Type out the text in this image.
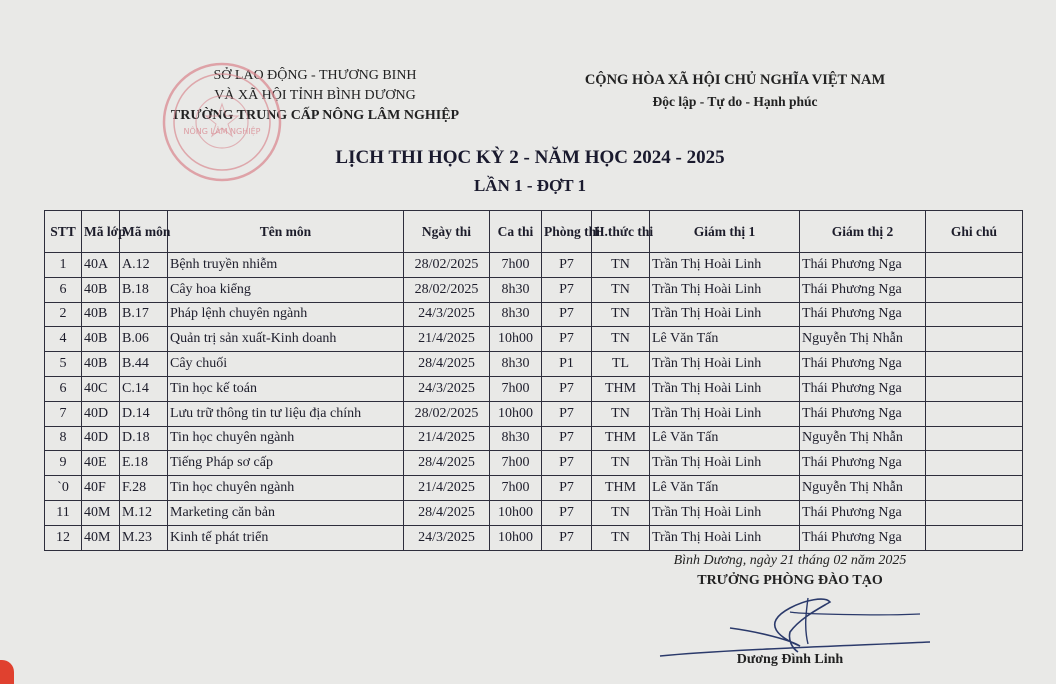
SỞ LAO ĐỘNG - THƯƠNG BINH
VÀ XÃ HỘI TỈNH BÌNH DƯƠNG
TRƯỜNG TRUNG CẤP NÔNG LÂM NGHIỆP
NÔNG LÂM NGHIỆP
CỘNG HÒA XÃ HỘI CHỦ NGHĨA VIỆT NAM
Độc lập - Tự do - Hạnh phúc
LỊCH THI HỌC KỲ 2 - NĂM HỌC 2024 - 2025
LẦN 1 - ĐỢT 1
STT	Mã lớp	Mã môn	Tên môn	Ngày thi	Ca thi	Phòng thi	H.thức thi	Giám thị 1	Giám thị 2	Ghi chú
1	40A	A.12	Bệnh truyền nhiễm	28/02/2025	7h00	P7	TN	Trần Thị Hoài Linh	Thái Phương Nga	
6	40B	B.18	Cây hoa kiểng	28/02/2025	8h30	P7	TN	Trần Thị Hoài Linh	Thái Phương Nga	
2	40B	B.17	Pháp lệnh chuyên ngành	24/3/2025	8h30	P7	TN	Trần Thị Hoài Linh	Thái Phương Nga	
4	40B	B.06	Quản trị sản xuất-Kinh doanh	21/4/2025	10h00	P7	TN	Lê Văn Tấn	Nguyễn Thị Nhẫn	
5	40B	B.44	Cây chuối	28/4/2025	8h30	P1	TL	Trần Thị Hoài Linh	Thái Phương Nga	
6	40C	C.14	Tin học kế toán	24/3/2025	7h00	P7	THM	Trần Thị Hoài Linh	Thái Phương Nga	
7	40D	D.14	Lưu trữ thông tin tư liệu địa chính	28/02/2025	10h00	P7	TN	Trần Thị Hoài Linh	Thái Phương Nga	
8	40D	D.18	Tin học chuyên ngành	21/4/2025	8h30	P7	THM	Lê Văn Tấn	Nguyễn Thị Nhẫn	
9	40E	E.18	Tiếng Pháp sơ cấp	28/4/2025	7h00	P7	TN	Trần Thị Hoài Linh	Thái Phương Nga	
`0	40F	F.28	Tin học chuyên ngành	21/4/2025	7h00	P7	THM	Lê Văn Tấn	Nguyễn Thị Nhẫn	
11	40M	M.12	Marketing căn bản	28/4/2025	10h00	P7	TN	Trần Thị Hoài Linh	Thái Phương Nga	
12	40M	M.23	Kinh tế phát triển	24/3/2025	10h00	P7	TN	Trần Thị Hoài Linh	Thái Phương Nga	
Bình Dương, ngày 21 tháng 02 năm 2025
TRƯỞNG PHÒNG ĐÀO TẠO
Dương Đình Linh
